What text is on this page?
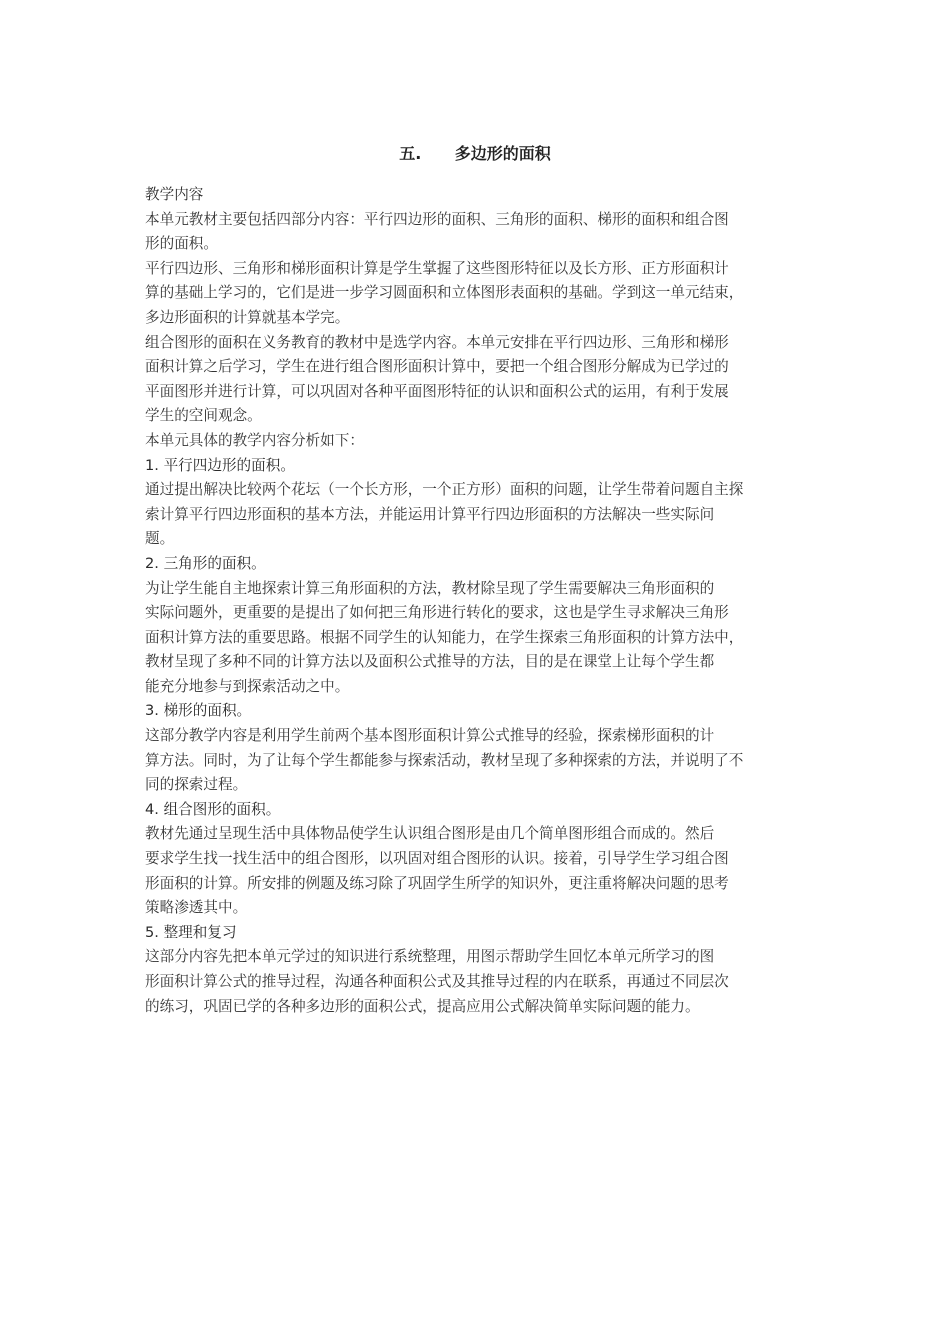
五.      多边形的面积
教学内容
本单元教材主要包括四部分内容：平行四边形的面积、三角形的面积、梯形的面积和组合图
形的面积。
平行四边形、三角形和梯形面积计算是学生掌握了这些图形特征以及长方形、正方形面积计
算的基础上学习的，它们是进一步学习圆面积和立体图形表面积的基础。学到这一单元结束，
多边形面积的计算就基本学完。
组合图形的面积在义务教育的教材中是选学内容。本单元安排在平行四边形、三角形和梯形
面积计算之后学习，学生在进行组合图形面积计算中，要把一个组合图形分解成为已学过的
平面图形并进行计算，可以巩固对各种平面图形特征的认识和面积公式的运用，有利于发展
学生的空间观念。
本单元具体的教学内容分析如下：
1. 平行四边形的面积。
通过提出解决比较两个花坛（一个长方形，一个正方形）面积的问题，让学生带着问题自主探
索计算平行四边形面积的基本方法，并能运用计算平行四边形面积的方法解决一些实际问
题。
2. 三角形的面积。
为让学生能自主地探索计算三角形面积的方法，教材除呈现了学生需要解决三角形面积的
实际问题外，更重要的是提出了如何把三角形进行转化的要求，这也是学生寻求解决三角形
面积计算方法的重要思路。根据不同学生的认知能力，在学生探索三角形面积的计算方法中，
教材呈现了多种不同的计算方法以及面积公式推导的方法，目的是在课堂上让每个学生都
能充分地参与到探索活动之中。
3. 梯形的面积。
这部分教学内容是利用学生前两个基本图形面积计算公式推导的经验，探索梯形面积的计
算方法。同时，为了让每个学生都能参与探索活动，教材呈现了多种探索的方法，并说明了不
同的探索过程。
4. 组合图形的面积。
教材先通过呈现生活中具体物品使学生认识组合图形是由几个简单图形组合而成的。然后
要求学生找一找生活中的组合图形，以巩固对组合图形的认识。接着，引导学生学习组合图
形面积的计算。所安排的例题及练习除了巩固学生所学的知识外，更注重将解决问题的思考
策略渗透其中。
5. 整理和复习
这部分内容先把本单元学过的知识进行系统整理，用图示帮助学生回忆本单元所学习的图
形面积计算公式的推导过程，沟通各种面积公式及其推导过程的内在联系，再通过不同层次
的练习，巩固已学的各种多边形的面积公式，提高应用公式解决简单实际问题的能力。
